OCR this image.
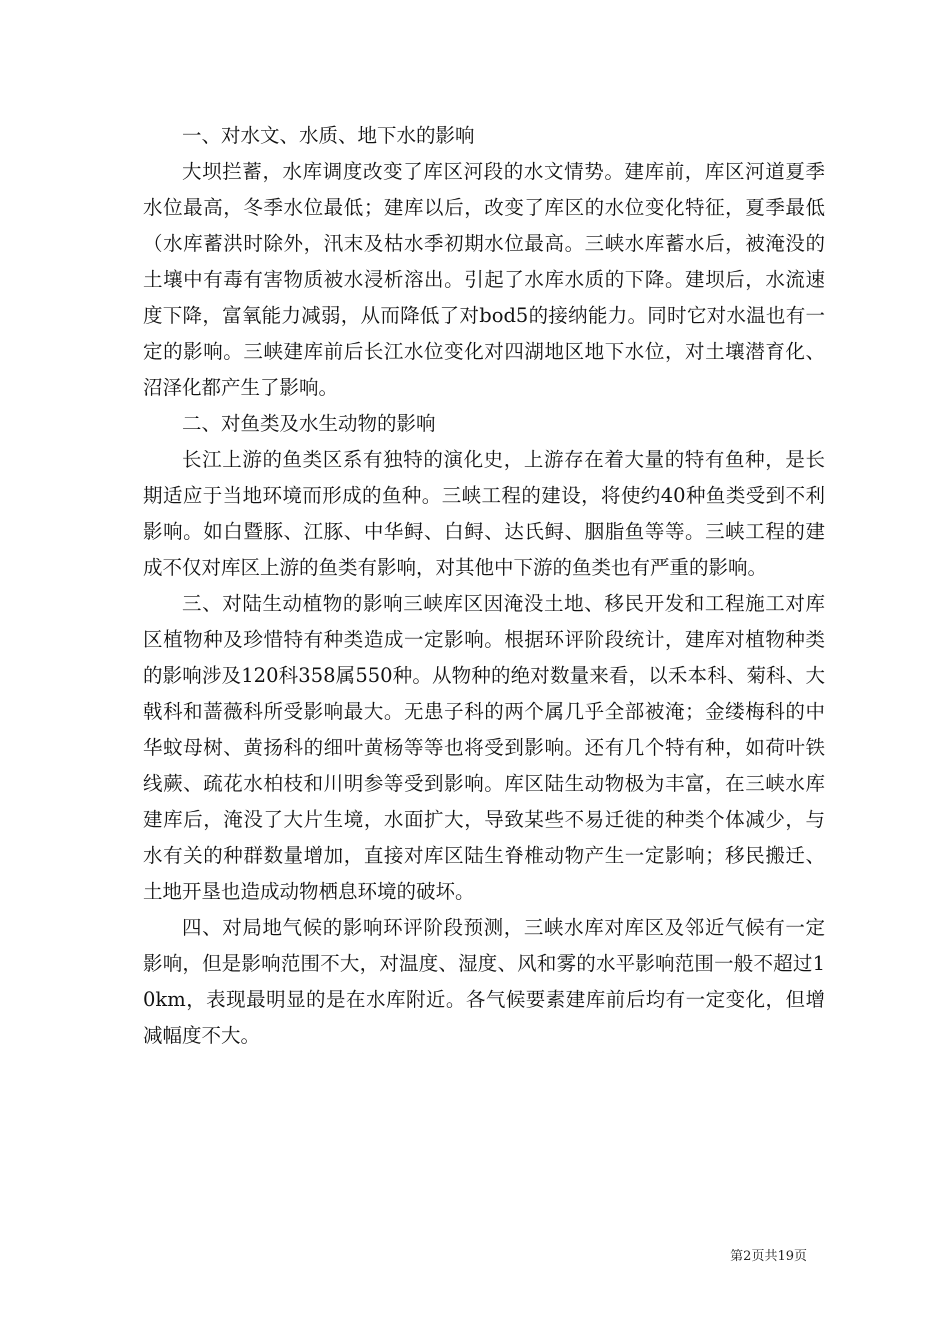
一、对水文、水质、地下水的影响

大坝拦蓄，水库调度改变了库区河段的水文情势。建库前，库区河道夏季水位最高，冬季水位最低；建库以后，改变了库区的水位变化特征，夏季最低（水库蓄洪时除外，汛末及枯水季初期水位最高。三峡水库蓄水后，被淹没的土壤中有毒有害物质被水浸析溶出。引起了水库水质的下降。建坝后，水流速度下降，富氧能力减弱，从而降低了对bod5的接纳能力。同时它对水温也有一定的影响。三峡建库前后长江水位变化对四湖地区地下水位，对土壤潜育化、沼泽化都产生了影响。

二、对鱼类及水生动物的影响

长江上游的鱼类区系有独特的演化史，上游存在着大量的特有鱼种，是长期适应于当地环境而形成的鱼种。三峡工程的建设，将使约40种鱼类受到不利影响。如白暨豚、江豚、中华鲟、白鲟、达氏鲟、胭脂鱼等等。三峡工程的建成不仅对库区上游的鱼类有影响，对其他中下游的鱼类也有严重的影响。

三、对陆生动植物的影响三峡库区因淹没土地、移民开发和工程施工对库区植物种及珍惜特有种类造成一定影响。根据环评阶段统计，建库对植物种类的影响涉及120科358属550种。从物种的绝对数量来看，以禾本科、菊科、大戟科和蔷薇科所受影响最大。无患子科的两个属几乎全部被淹；金缕梅科的中华蚊母树、黄扬科的细叶黄杨等等也将受到影响。还有几个特有种，如荷叶铁线蕨、疏花水柏枝和川明参等受到影响。库区陆生动物极为丰富，在三峡水库建库后，淹没了大片生境，水面扩大，导致某些不易迁徙的种类个体减少，与水有关的种群数量增加，直接对库区陆生脊椎动物产生一定影响；移民搬迁、土地开垦也造成动物栖息环境的破坏。

四、对局地气候的影响环评阶段预测，三峡水库对库区及邻近气候有一定影响，但是影响范围不大，对温度、湿度、风和雾的水平影响范围一般不超过10km，表现最明显的是在水库附近。各气候要素建库前后均有一定变化，但增减幅度不大。

第2页共19页
